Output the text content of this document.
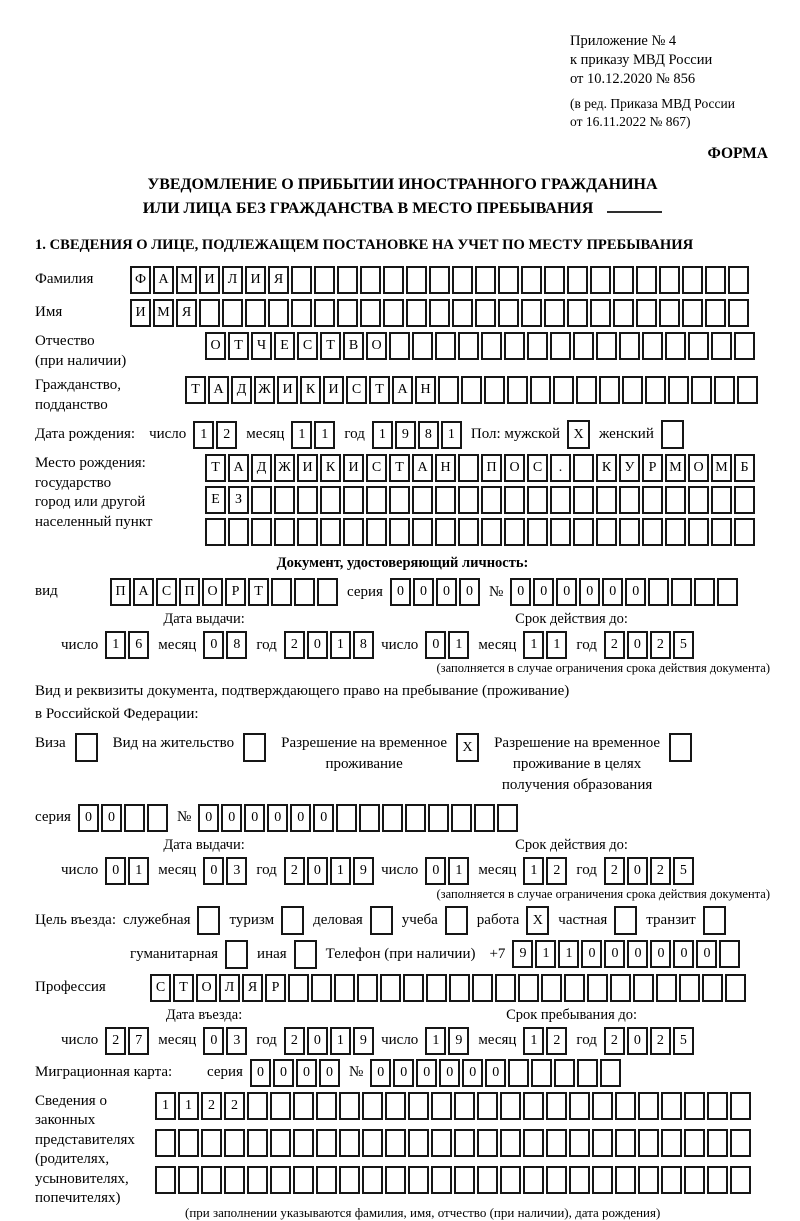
Приложение № 4
к приказу МВД России
от 10.12.2020 № 856
(в ред. Приказа МВД России
от 16.11.2022 № 867)
ФОРМА
УВЕДОМЛЕНИЕ О ПРИБЫТИИ ИНОСТРАННОГО ГРАЖДАНИНА
ИЛИ ЛИЦА БЕЗ ГРАЖДАНСТВА В МЕСТО ПРЕБЫВАНИЯ
1. СВЕДЕНИЯ О ЛИЦЕ, ПОДЛЕЖАЩЕМ ПОСТАНОВКЕ НА УЧЕТ ПО МЕСТУ ПРЕБЫВАНИЯ
Фамилия	Ф А М И Л И Я
Имя	И М Я
Отчество
(при наличии)
О Т	Ч	Е	С	Т	В О
Гражданство,
подданство
Т А Д Ж И К И С	Т А Н
Дата рождения: число	1	2	месяц	1	1	год	1	9	8	1	Пол: мужской X	женский
Место рождения:
государство
город или другой
населенный пункт
Т А Д Ж И К И С	Т А Н	П О С	.	К У	Р М О М Б
Е	З
Документ, удостоверяющий личность:
вид	П А С П О	Р	Т	серия	0	0	0	0	№	0	0	0	0	0	0
Дата выдачи:	Срок действия до:
число	1	6	месяц	0	8	год	2	0	1	8 число	0	1	месяц	1	1	год	2	0	2	5
(заполняется в случае ограничения срока действия документа)
Вид и реквизиты документа, подтверждающего право на пребывание (проживание)
в Российской Федерации:
Виза	Вид на жительство	Разрешение на временное
проживание
X	Разрешение на временное
проживание в целях
получения образования
серия	0	0	№	0	0	0	0	0	0
Дата выдачи:	Срок действия до:
число	0	1	месяц	0	3	год	2	0	1	9 число	0	1	месяц	1	2	год	2	0	2	5
(заполняется в случае ограничения срока действия документа)
Цель въезда: служебная	туризм	деловая	учеба	работа X	частная	транзит
гуманитарная	иная	Телефон (при наличии) +7	9	1	1	0	0	0	0	0	0
Профессия	С	Т О Л Я	Р
Дата въезда:	Срок пребывания до:
число	2	7	месяц	0	3	год	2	0	1	9 число	1	9	месяц	1	2	год	2	0	2	5
Миграционная карта:	серия	0	0	0	0	№	0	0	0	0	0	0
Сведения о
законных
представителях
(родителях,
усыновителях,
попечителях)
1	1	2	2
(при заполнении указываются фамилия, имя, отчество (при наличии), дата рождения)
